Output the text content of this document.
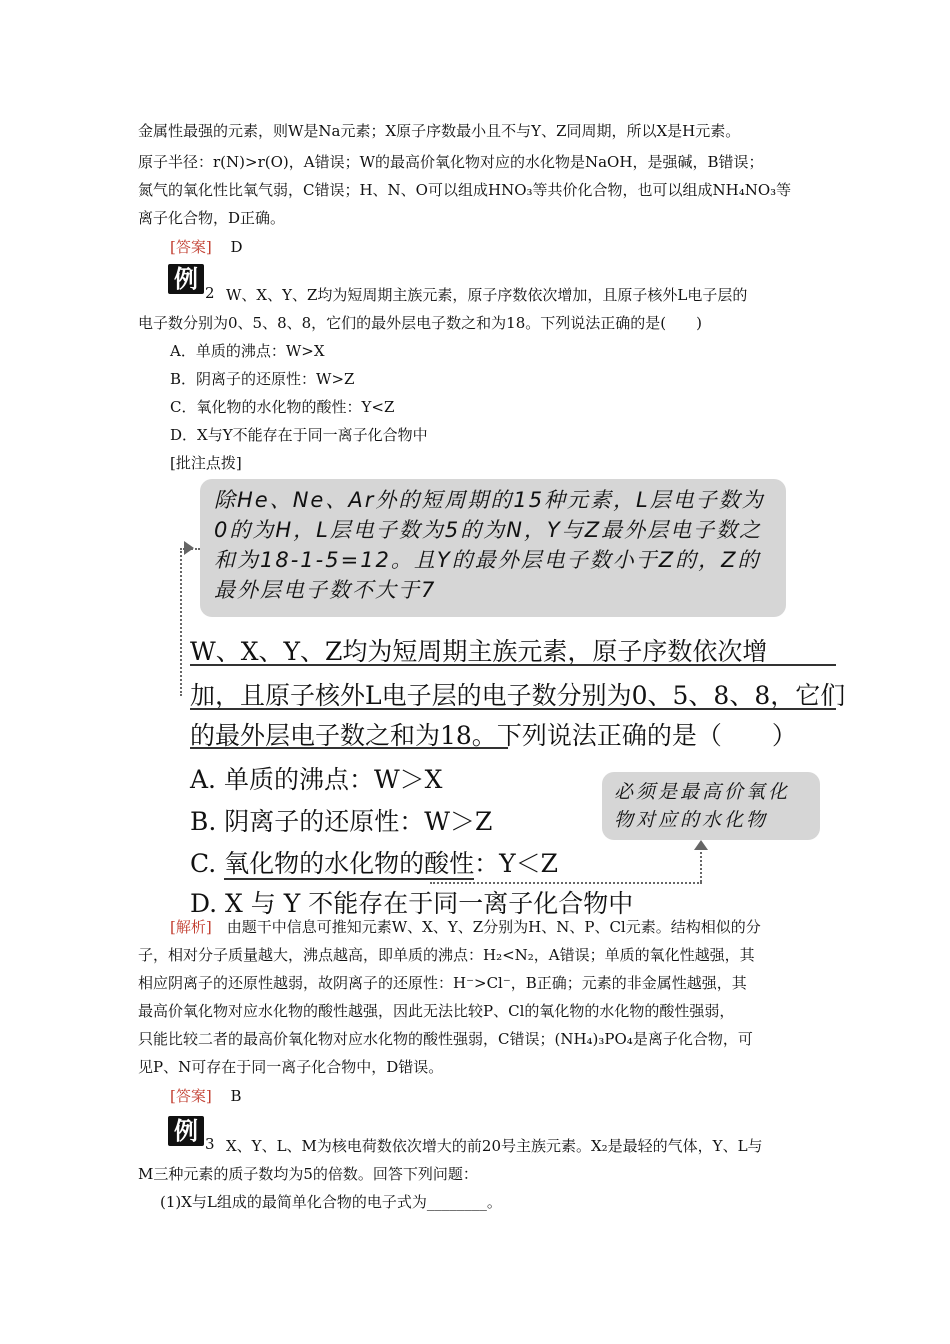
金属性最强的元素，则W是Na元素；X原子序数最小且不与Y、Z同周期，所以X是H元素。
原子半径：r(N)>r(O)，A错误；W的最高价氧化物对应的水化物是NaOH，是强碱，B错误；
氮气的氧化性比氧气弱，C错误；H、N、O可以组成HNO₃等共价化合物，也可以组成NH₄NO₃等
离子化合物，D正确。
[答案] D
例 2 W、X、Y、Z均为短周期主族元素，原子序数依次增加，且原子核外L电子层的
电子数分别为0、5、8、8，它们的最外层电子数之和为18。下列说法正确的是(　　)
A．单质的沸点：W>X
B．阴离子的还原性：W>Z
C．氧化物的水化物的酸性：Y<Z
D．X与Y不能存在于同一离子化合物中
[批注点拨]
除He、Ne、Ar外的短周期的15种元素，L层电子数为0的为H，L层电子数为5的为N，Y与Z最外层电子数之和为18-1-5=12。且Y的最外层电子数小于Z的，Z的最外层电子数不大于7
W、X、Y、Z均为短周期主族元素，原子序数依次增
加，且原子核外L电子层的电子数分别为0、5、8、8，它们
的最外层电子数之和为18。下列说法正确的是（　　）
A. 单质的沸点：W＞X
B. 阴离子的还原性：W＞Z
C. 氧化物的水化物的酸性：Y＜Z
D. X 与 Y 不能存在于同一离子化合物中
必须是最高价氧化物对应的水化物
[解析]　由题干中信息可推知元素W、X、Y、Z分别为H、N、P、Cl元素。结构相似的分
子，相对分子质量越大，沸点越高，即单质的沸点：H₂<N₂，A错误；单质的氧化性越强，其
相应阴离子的还原性越弱，故阴离子的还原性：H⁻>Cl⁻，B正确；元素的非金属性越强，其
最高价氧化物对应水化物的酸性越强，因此无法比较P、Cl的氧化物的水化物的酸性强弱，
只能比较二者的最高价氧化物对应水化物的酸性强弱，C错误；(NH₄)₃PO₄是离子化合物，可
见P、N可存在于同一离子化合物中，D错误。
[答案] B
例 3 X、Y、L、M为核电荷数依次增大的前20号主族元素。X₂是最轻的气体，Y、L与
M三种元素的质子数均为5的倍数。回答下列问题：
(1)X与L组成的最简单化合物的电子式为________。
